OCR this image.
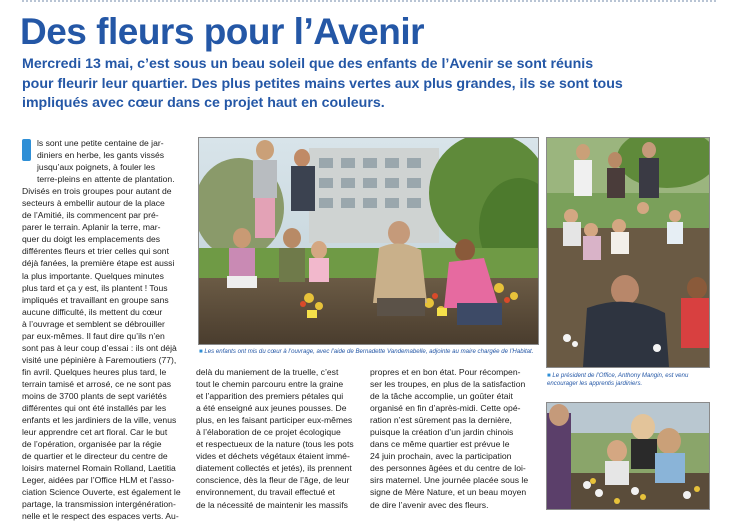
Des fleurs pour l’Avenir
Mercredi 13 mai, c’est sous un beau soleil que des enfants de l’Avenir se sont réunis
pour fleurir leur quartier. Des plus petites mains vertes aux plus grandes, ils se sont tous
impliqués avec cœur dans ce projet haut en couleurs.
ls sont une petite centaine de jar-
diniers en herbe, les gants vissés
jusqu’aux poignets, à fouler les
terre-pleins en attente de plantation.
Divisés en trois groupes pour autant de
secteurs à embellir autour de la place
de l’Amitié, ils commencent par pré-
parer le terrain. Aplanir la terre, mar-
quer du doigt les emplacements des
différentes fleurs et trier celles qui sont
déjà fanées, la première étape est aussi
la plus importante. Quelques minutes
plus tard et ça y est, ils plantent ! Tous
impliqués et travaillant en groupe sans
aucune difficulté, ils mettent du cœur
à l’ouvrage et semblent se débrouiller
par eux-mêmes. Il faut dire qu’ils n’en
sont pas à leur coup d’essai : ils ont déjà
visité une pépinière à Faremoutiers (77),
fin avril. Quelques heures plus tard, le
terrain tamisé et arrosé, ce ne sont pas
moins de 3700 plants de sept variétés
différentes qui ont été installés par les
enfants et les jardiniers de la ville, venus
leur apprendre cet art floral. Car le but
de l’opération, organisée par la régie
de quartier et le directeur du centre de
loisirs maternel Romain Rolland, Laetitia
Leger, aidées par l’Office HLM et l’asso-
ciation Science Ouverte, est également le
partage, la transmission intergénération-
nelle et le respect des espaces verts. Au-
delà du maniement de la truelle, c’est
tout le chemin parcouru entre la graine
et l’apparition des premiers pétales qui
a été enseigné aux jeunes pousses. De
plus, en les faisant participer eux-mêmes
à l’élaboration de ce projet écologique
et respectueux de la nature (tous les pots
vides et déchets végétaux étaient immé-
diatement collectés et jetés), ils prennent
conscience, dès la fleur de l’âge, de leur
environnement, du travail effectué et
de la nécessité de maintenir les massifs
propres et en bon état. Pour récompen-
ser les troupes, en plus de la satisfaction
de la tâche accomplie, un goûter était
organisé en fin d’après-midi. Cette opé-
ration n’est sûrement pas la dernière,
puisque la création d’un jardin chinois
dans ce même quartier est prévue le
24 juin prochain, avec la participation
des personnes âgées et du centre de loi-
sirs maternel. Une journée placée sous le
signe de Mère Nature, et un beau moyen
de dire l’avenir avec des fleurs.
■ Les enfants ont mis du cœur à l’ouvrage, avec l’aide de Bernadette Vandemabelle, adjointe au maire chargée de l’Habitat.
■ Le président de l’Office, Anthony Mangin, est venu
encourager les apprentis jardiniers.
